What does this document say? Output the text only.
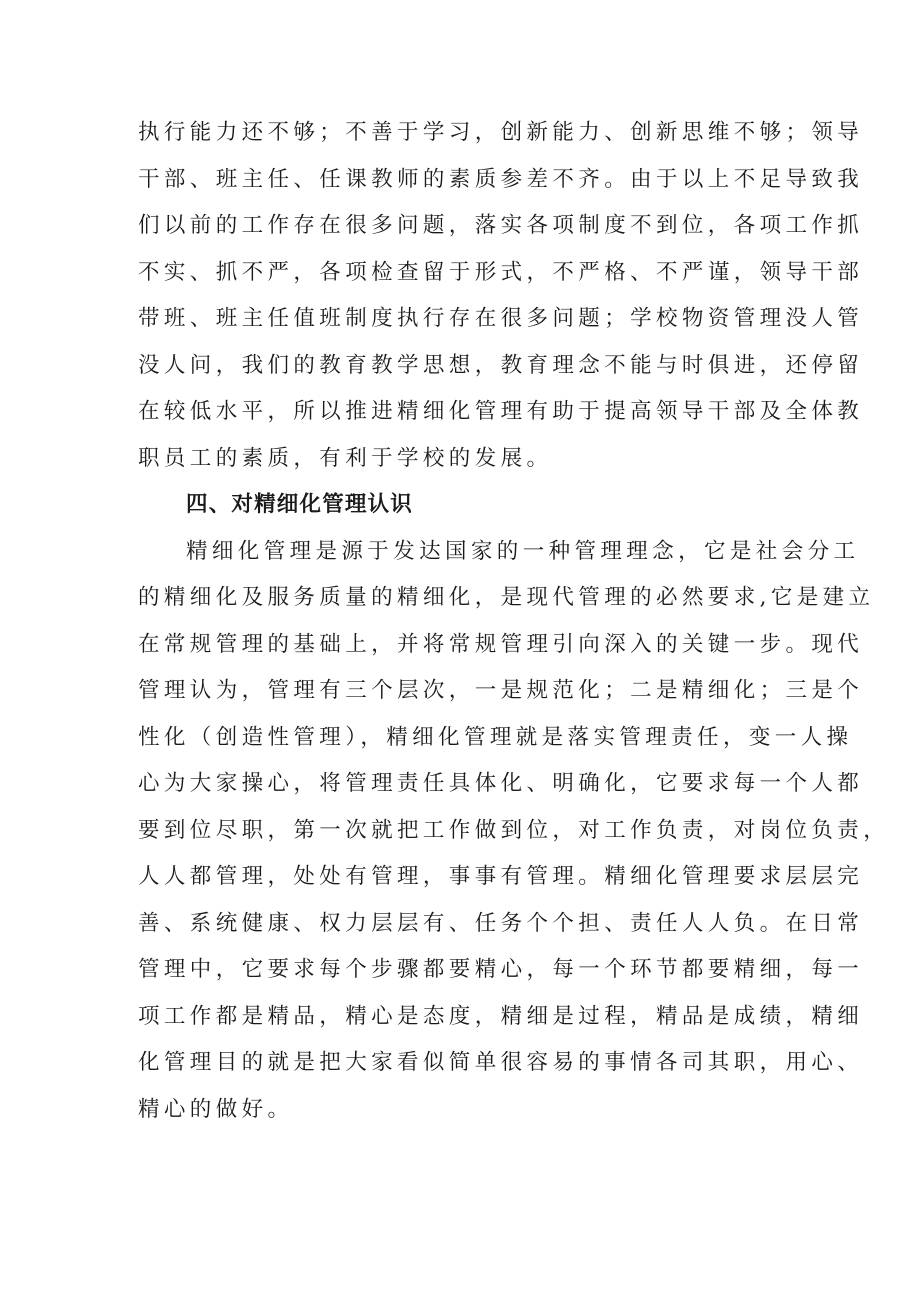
执行能力还不够；不善于学习，创新能力、创新思维不够；领导
干部、班主任、任课教师的素质参差不齐。由于以上不足导致我
们以前的工作存在很多问题，落实各项制度不到位，各项工作抓
不实、抓不严，各项检查留于形式，不严格、不严谨，领导干部
带班、班主任值班制度执行存在很多问题；学校物资管理没人管
没人问，我们的教育教学思想，教育理念不能与时俱进，还停留
在较低水平，所以推进精细化管理有助于提高领导干部及全体教
职员工的素质，有利于学校的发展。
四、对精细化管理认识
精细化管理是源于发达国家的一种管理理念，它是社会分工
的精细化及服务质量的精细化，是现代管理的必然要求,它是建立
在常规管理的基础上，并将常规管理引向深入的关键一步。现代
管理认为，管理有三个层次，一是规范化；二是精细化；三是个
性化（创造性管理），精细化管理就是落实管理责任，变一人操
心为大家操心，将管理责任具体化、明确化，它要求每一个人都
要到位尽职，第一次就把工作做到位，对工作负责，对岗位负责，
人人都管理，处处有管理，事事有管理。精细化管理要求层层完
善、系统健康、权力层层有、任务个个担、责任人人负。在日常
管理中，它要求每个步骤都要精心，每一个环节都要精细，每一
项工作都是精品，精心是态度，精细是过程，精品是成绩，精细
化管理目的就是把大家看似简单很容易的事情各司其职，用心、
精心的做好。
